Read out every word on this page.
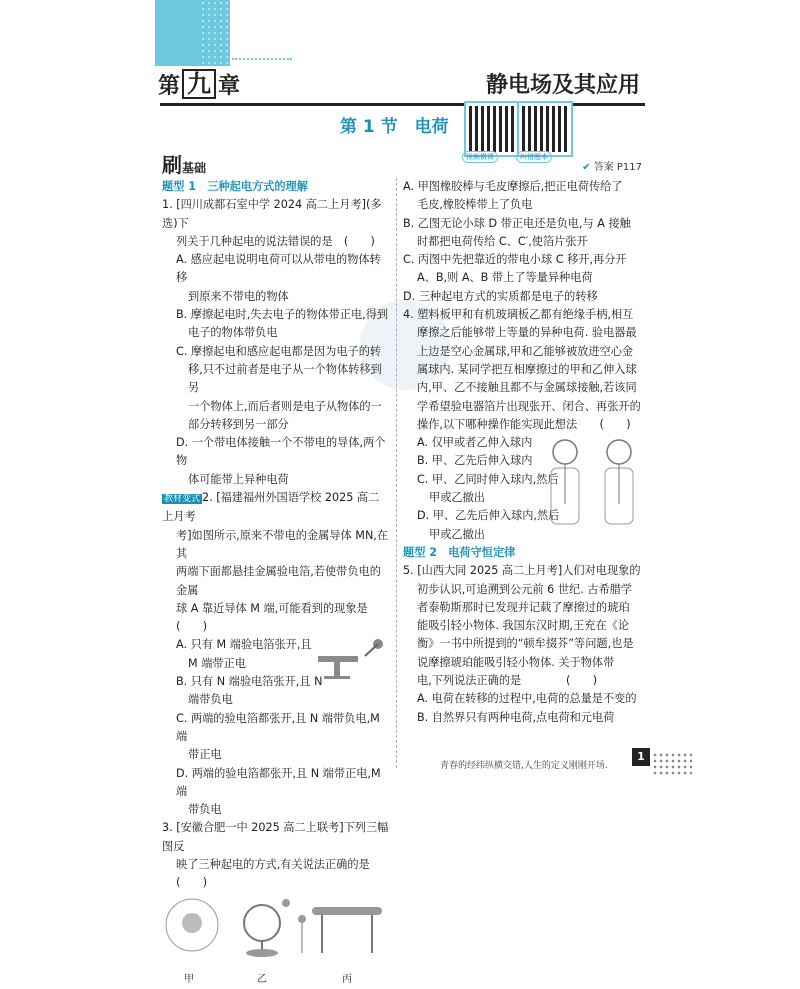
第 九 章	静电场及其应用
第 1 节　电荷
视频微课	纠错题本
刷基础	✔ 答案 P117

题型 1　三种起电方式的理解

1. [四川成都石室中学 2024 高二上月考](多选)下

列关于几种起电的说法错误的是　(　　)

A. 感应起电说明电荷可以从带电的物体转移

到原来不带电的物体

B. 摩擦起电时,失去电子的物体带正电,得到

电子的物体带负电

C. 摩擦起电和感应起电都是因为电子的转

移,只不过前者是电子从一个物体转移到另

一个物体上,而后者则是电子从物体的一

部分转移到另一部分

D. 一个带电体接触一个不带电的导体,两个物

体可能带上异种电荷

教材变式 2. [福建福州外国语学校 2025 高二上月考

考]如图所示,原来不带电的金属导体 MN,在其

两端下面都悬挂金属验电箔,若使带负电的金属

球 A 靠近导体 M 端,可能看到的现象是　(　　)

A. 只有 M 端验电箔张开,且

M 端带正电

B. 只有 N 端验电箔张开,且 N

端带负电

C. 两端的验电箔都张开,且 N 端带负电,M 端

带正电

D. 两端的验电箔都张开,且 N 端带正电,M 端

带负电

3. [安徽合肥一中 2025 高二上联考]下列三幅图反

映了三种起电的方式,有关说法正确的是(　　)

甲	乙	丙

A. 甲图橡胶棒与毛皮摩擦后,把正电荷传给了

毛皮,橡胶棒带上了负电

B. 乙图无论小球 D 带正电还是负电,与 A 接触

时都把电荷传给 C、C′,使箔片张开

C. 丙图中先把靠近的带电小球 C 移开,再分开

A、B,则 A、B 带上了等量异种电荷

D. 三种起电方式的实质都是电子的转移

4. 塑料板甲和有机玻璃板乙都有绝缘手柄,相互

摩擦之后能够带上等量的异种电荷. 验电器最

上边是空心金属球,甲和乙能够被放进空心金

属球内. 某同学把互相摩擦过的甲和乙伸入球

内,甲、乙不接触且都不与金属球接触,若该同

学希望验电器箔片出现张开、闭合、再张开的

操作,以下哪种操作能实现此想法　　(　　)

A. 仅甲或者乙伸入球内

B. 甲、乙先后伸入球内

C. 甲、乙同时伸入球内,然后

甲或乙撤出

D. 甲、乙先后伸入球内,然后

甲或乙撤出

题型 2　电荷守恒定律

5. [山西大同 2025 高二上月考]人们对电现象的

初步认识,可追溯到公元前 6 世纪. 古希腊学

者泰勒斯那时已发现并记载了摩擦过的琥珀

能吸引轻小物体. 我国东汉时期,王充在《论

衡》一书中所提到的“顿牟掇芥”等问题,也是

说摩擦琥珀能吸引轻小物体. 关于物体带

电,下列说法正确的是　　　　(　　)

A. 电荷在转移的过程中,电荷的总量是不变的

B. 自然界只有两种电荷,点电荷和元电荷

青春的经纬纵横交错,人生的定义刚刚开场.
1
